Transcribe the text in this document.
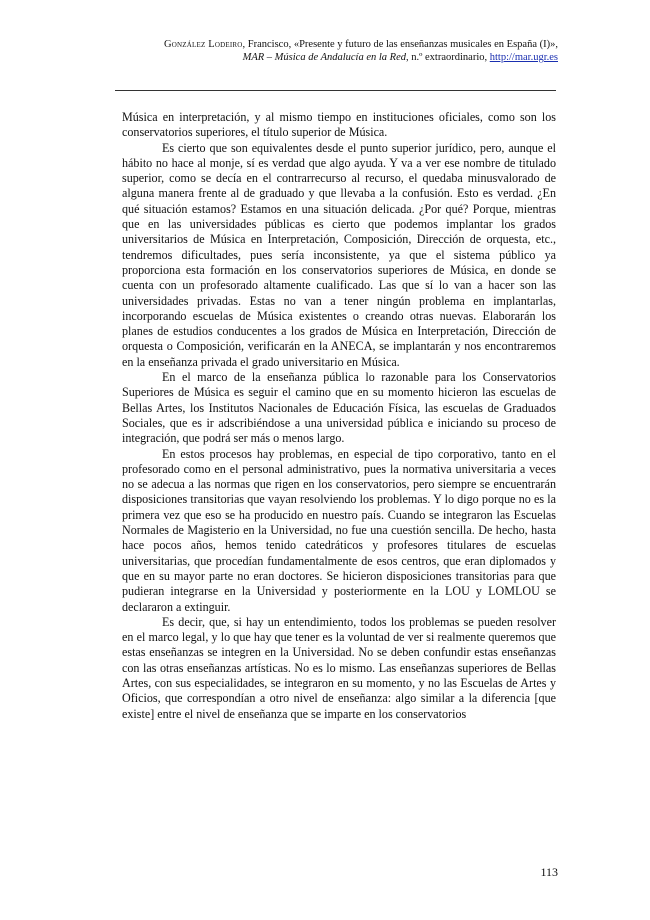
González Lodeiro, Francisco, «Presente y futuro de las enseñanzas musicales en España (I)»,
MAR – Música de Andalucía en la Red, n.º extraordinario, http://mar.ugr.es

Música en interpretación, y al mismo tiempo en instituciones oficiales, como son los conservatorios superiores, el título superior de Música.

Es cierto que son equivalentes desde el punto superior jurídico, pero, aunque el hábito no hace al monje, sí es verdad que algo ayuda. Y va a ver ese nombre de titulado superior, como se decía en el contrarrecurso al recurso, el quedaba minusvalorado de alguna manera frente al de graduado y que llevaba a la confusión. Esto es verdad. ¿En qué situación estamos? Estamos en una situación delicada. ¿Por qué? Porque, mientras que en las universidades públicas es cierto que podemos implantar los grados universitarios de Música en Interpretación, Composición, Dirección de orquesta, etc., tendremos dificultades, pues sería inconsistente, ya que el sistema público ya proporciona esta formación en los conservatorios superiores de Música, en donde se cuenta con un profesorado altamente cualificado. Las que sí lo van a hacer son las universidades privadas. Estas no van a tener ningún problema en implantarlas, incorporando escuelas de Música existentes o creando otras nuevas. Elaborarán los planes de estudios conducentes a los grados de Música en Interpretación, Dirección de orquesta o Composición, verificarán en la ANECA, se implantarán y nos encontraremos en la enseñanza privada el grado universitario en Música.

En el marco de la enseñanza pública lo razonable para los Conservatorios Superiores de Música es seguir el camino que en su momento hicieron las escuelas de Bellas Artes, los Institutos Nacionales de Educación Física, las escuelas de Graduados Sociales, que es ir adscribiéndose a una universidad pública e iniciando su proceso de integración, que podrá ser más o menos largo.

En estos procesos hay problemas, en especial de tipo corporativo, tanto en el profesorado como en el personal administrativo, pues la normativa universitaria a veces no se adecua a las normas que rigen en los conservatorios, pero siempre se encuentrarán disposiciones transitorias que vayan resolviendo los problemas. Y lo digo porque no es la primera vez que eso se ha producido en nuestro país. Cuando se integraron las Escuelas Normales de Magisterio en la Universidad, no fue una cuestión sencilla. De hecho, hasta hace pocos años, hemos tenido catedráticos y profesores titulares de escuelas universitarias, que procedían fundamentalmente de esos centros, que eran diplomados y que en su mayor parte no eran doctores. Se hicieron disposiciones transitorias para que pudieran integrarse en la Universidad y posteriormente en la LOU y LOMLOU se declararon a extinguir.

Es decir, que, si hay un entendimiento, todos los problemas se pueden resolver en el marco legal, y lo que hay que tener es la voluntad de ver si realmente queremos que estas enseñanzas se integren en la Universidad. No se deben confundir estas enseñanzas con las otras enseñanzas artísticas. No es lo mismo. Las enseñanzas superiores de Bellas Artes, con sus especialidades, se integraron en su momento, y no las Escuelas de Artes y Oficios, que correspondían a otro nivel de enseñanza: algo similar a la diferencia [que existe] entre el nivel de enseñanza que se imparte en los conservatorios

113
